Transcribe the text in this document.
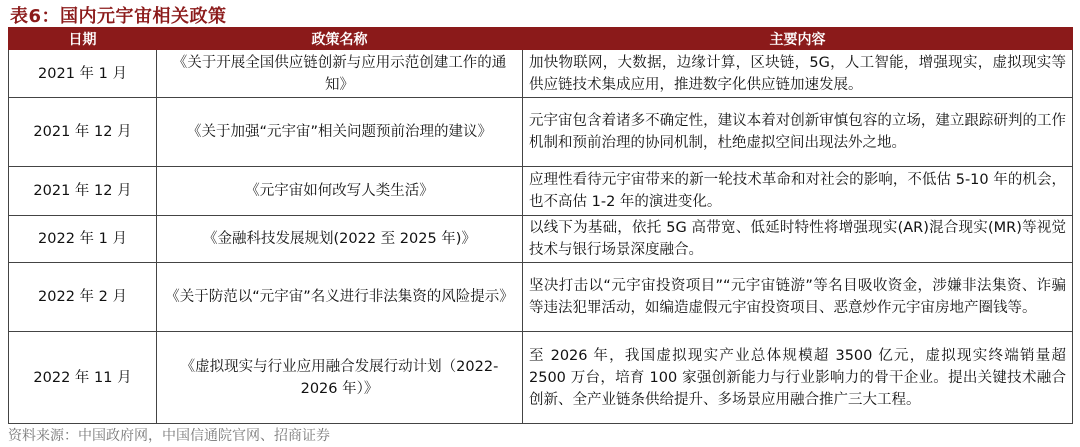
表6：国内元宇宙相关政策
日期	政策名称	主要内容
2021 年 1 月	《关于开展全国供应链创新与应用示范创建工作的通知》	加快物联网，大数据，边缘计算，区块链，5G，人工智能，增强现实，虚拟现实等供应链技术集成应用，推进数字化供应链加速发展。
2021 年 12 月	《关于加强“元宇宙”相关问题预前治理的建议》	元宇宙包含着诸多不确定性，建议本着对创新审慎包容的立场，建立跟踪研判的工作机制和预前治理的协同机制，杜绝虚拟空间出现法外之地。
2021 年 12 月	《元宇宙如何改写人类生活》	应理性看待元宇宙带来的新一轮技术革命和对社会的影响，不低估 5-10 年的机会，也不高估 1-2 年的演进变化。
2022 年 1 月	《金融科技发展规划(2022 至 2025 年)》	以线下为基础，依托 5G 高带宽、低延时特性将增强现实(AR)混合现实(MR)等视觉技术与银行场景深度融合。
2022 年 2 月	《关于防范以“元宇宙”名义进行非法集资的风险提示》	坚决打击以“元宇宙投资项目”“元宇宙链游”等名目吸收资金，涉嫌非法集资、诈骗等违法犯罪活动，如编造虚假元宇宙投资项目、恶意炒作元宇宙房地产圈钱等。
2022 年 11 月	《虚拟现实与行业应用融合发展行动计划（2022-2026 年）》	至 2026 年，我国虚拟现实产业总体规模超 3500 亿元，虚拟现实终端销量超 2500 万台，培育 100 家强创新能力与行业影响力的骨干企业。提出关键技术融合创新、全产业链条供给提升、多场景应用融合推广三大工程。
资料来源：中国政府网，中国信通院官网、招商证券
